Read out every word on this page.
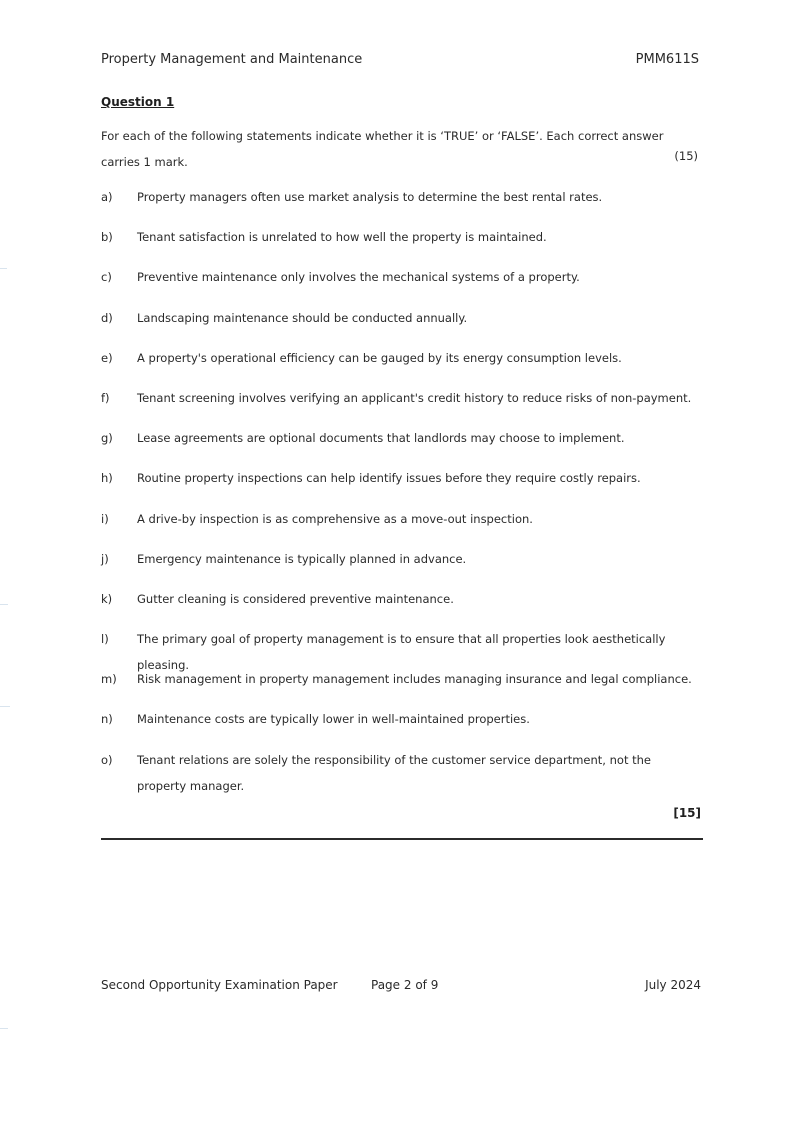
Property Management and Maintenance	PMM611S
Question 1
For each of the following statements indicate whether it is ‘TRUE’ or ‘FALSE’. Each correct answer carries 1 mark.	(15)
a)	Property managers often use market analysis to determine the best rental rates.
b)	Tenant satisfaction is unrelated to how well the property is maintained.
c)	Preventive maintenance only involves the mechanical systems of a property.
d)	Landscaping maintenance should be conducted annually.
e)	A property's operational efficiency can be gauged by its energy consumption levels.
f)	Tenant screening involves verifying an applicant's credit history to reduce risks of non-payment.
g)	Lease agreements are optional documents that landlords may choose to implement.
h)	Routine property inspections can help identify issues before they require costly repairs.
i)	A drive-by inspection is as comprehensive as a move-out inspection.
j)	Emergency maintenance is typically planned in advance.
k)	Gutter cleaning is considered preventive maintenance.
l)	The primary goal of property management is to ensure that all properties look aesthetically pleasing.
m)	Risk management in property management includes managing insurance and legal compliance.
n)	Maintenance costs are typically lower in well-maintained properties.
o)	Tenant relations are solely the responsibility of the customer service department, not the property manager.
[15]
Second Opportunity Examination Paper	Page 2 of 9	July 2024
